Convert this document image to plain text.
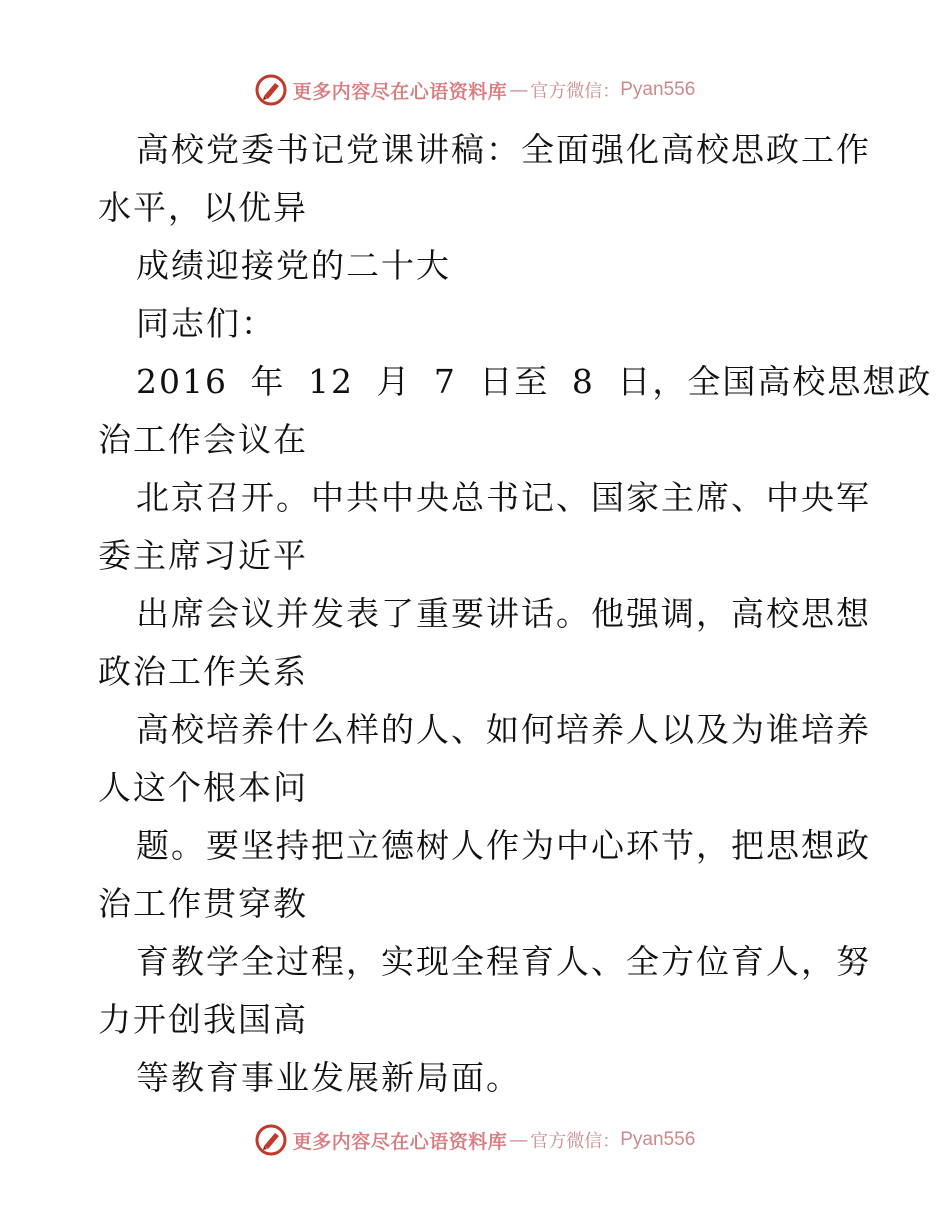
更多内容尽在心语资料库 — 官方微信： Pyan556
高校党委书记党课讲稿：全面强化高校思政工作
水平，以优异
成绩迎接党的二十大
同志们：
2016 年 12 月 7 日至 8 日，全国高校思想政
治工作会议在
北京召开。中共中央总书记、国家主席、中央军
委主席习近平
出席会议并发表了重要讲话。他强调，高校思想
政治工作关系
高校培养什么样的人、如何培养人以及为谁培养
人这个根本问
题。要坚持把立德树人作为中心环节，把思想政
治工作贯穿教
育教学全过程，实现全程育人、全方位育人，努
力开创我国高
等教育事业发展新局面。
更多内容尽在心语资料库 — 官方微信： Pyan556
